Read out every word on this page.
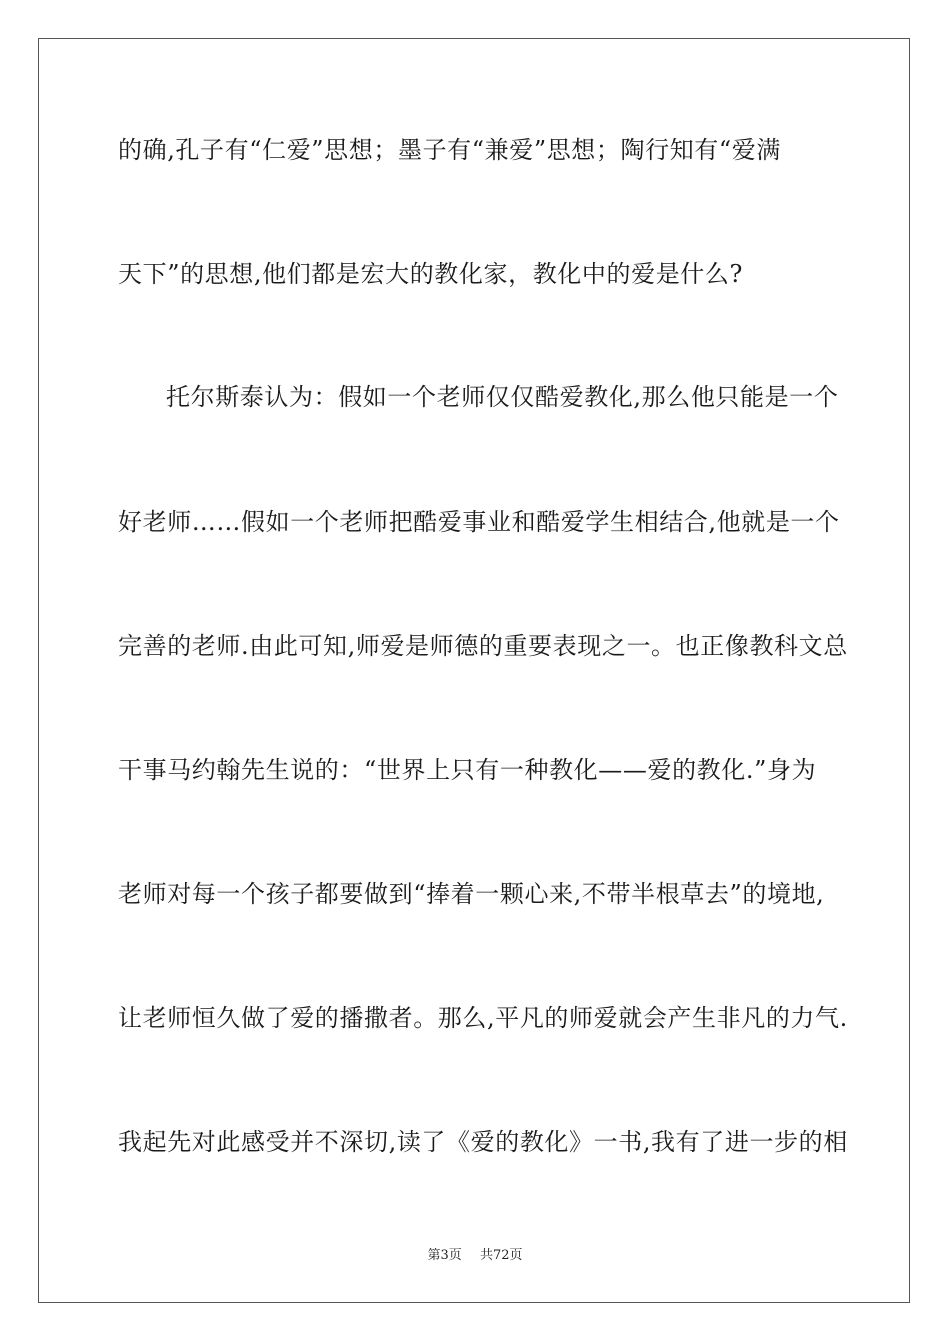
的确,孔子有“仁爱”思想；墨子有“兼爱”思想；陶行知有“爱满
天下”的思想,他们都是宏大的教化家，教化中的爱是什么?
托尔斯泰认为：假如一个老师仅仅酷爱教化,那么他只能是一个
好老师……假如一个老师把酷爱事业和酷爱学生相结合,他就是一个
完善的老师.由此可知,师爱是师德的重要表现之一。也正像教科文总
干事马约翰先生说的：“世界上只有一种教化——爱的教化.”身为
老师对每一个孩子都要做到“捧着一颗心来,不带半根草去”的境地,
让老师恒久做了爱的播撒者。那么,平凡的师爱就会产生非凡的力气.
我起先对此感受并不深切,读了《爱的教化》一书,我有了进一步的相
第3页 共72页
